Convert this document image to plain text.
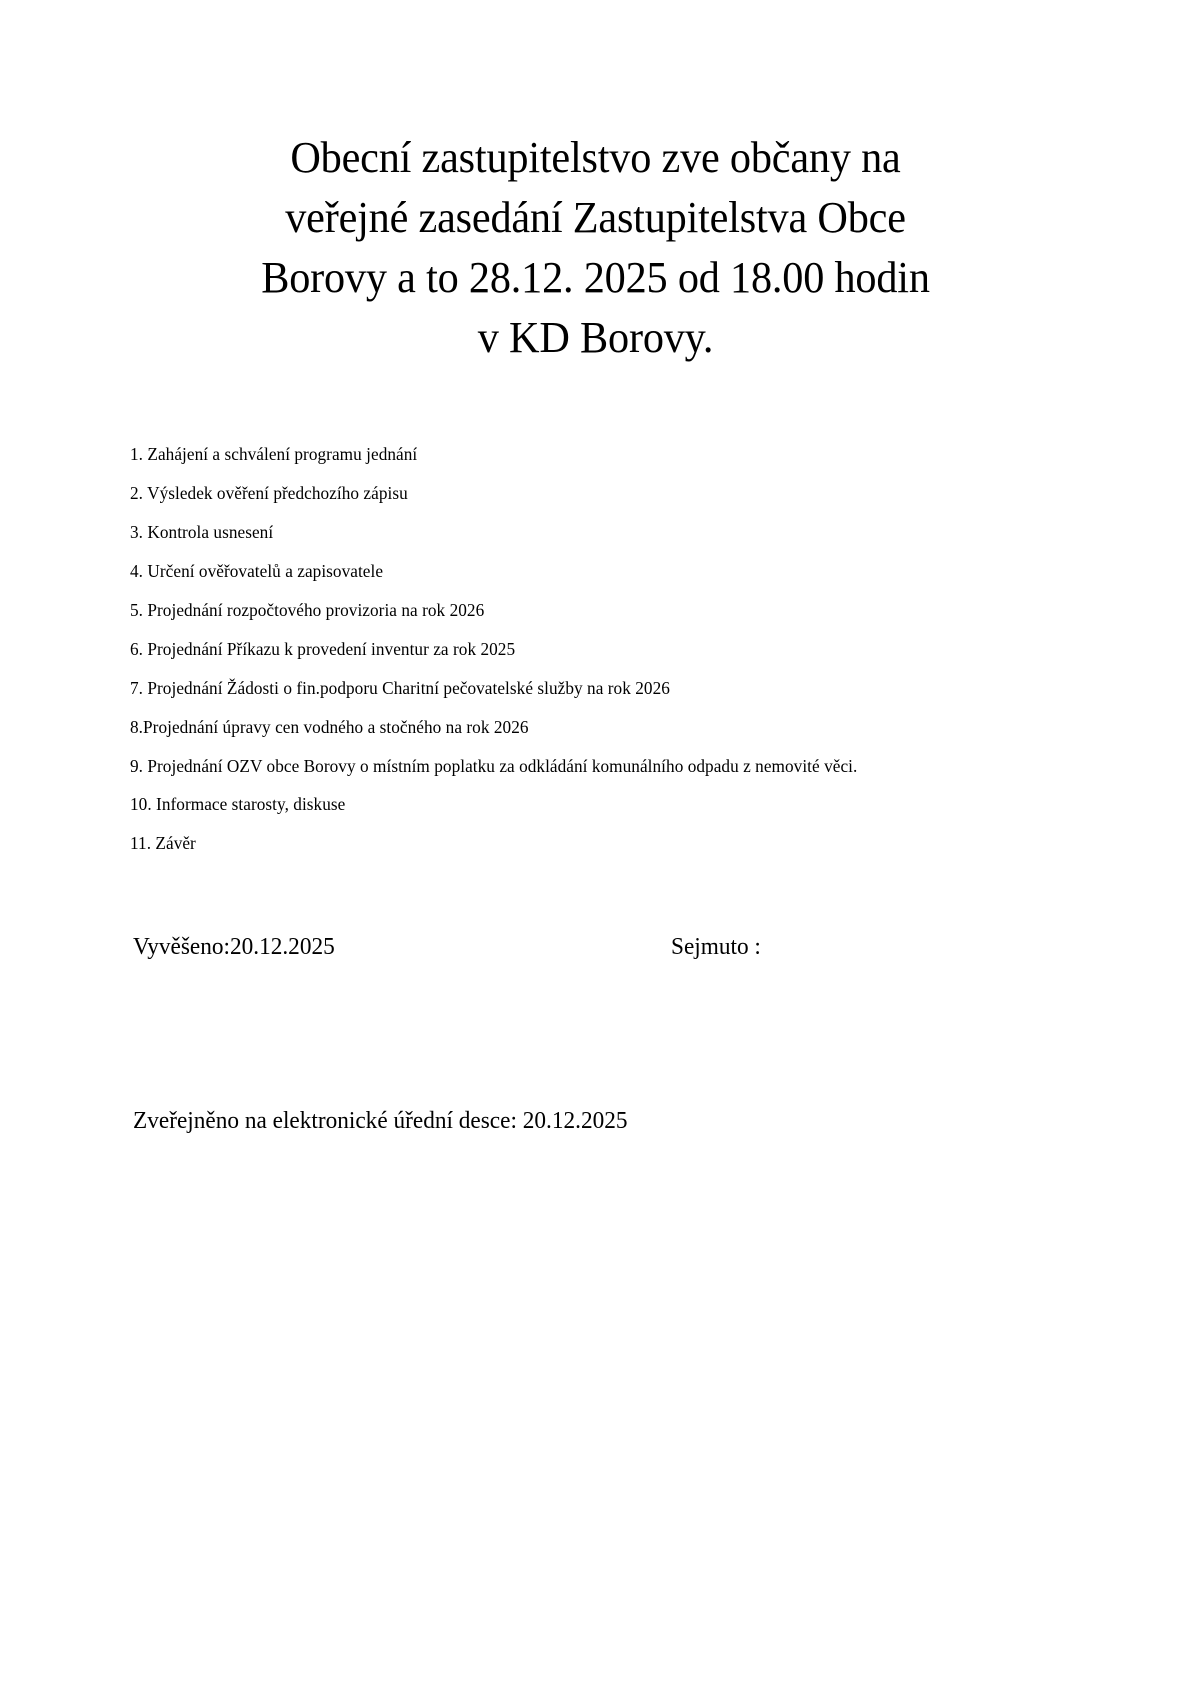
Obecní zastupitelstvo zve občany na
veřejné zasedání Zastupitelstva Obce
Borovy a to 28.12. 2025 od 18.00 hodin
v KD Borovy.

1. Zahájení a schválení programu jednání

2. Výsledek ověření předchozího zápisu

3. Kontrola usnesení

4. Určení ověřovatelů a zapisovatele

5. Projednání rozpočtového provizoria na rok 2026

6. Projednání Příkazu k provedení inventur za rok 2025

7. Projednání Žádosti o fin.podporu Charitní pečovatelské služby na rok 2026

8.Projednání úpravy cen vodného a stočného na rok 2026

9. Projednání OZV obce Borovy o místním poplatku za odkládání komunálního odpadu z nemovité věci.

10. Informace starosty, diskuse

11. Závěr

Vyvěšeno:20.12.2025	Sejmuto :
Zveřejněno na elektronické úřední desce: 20.12.2025
